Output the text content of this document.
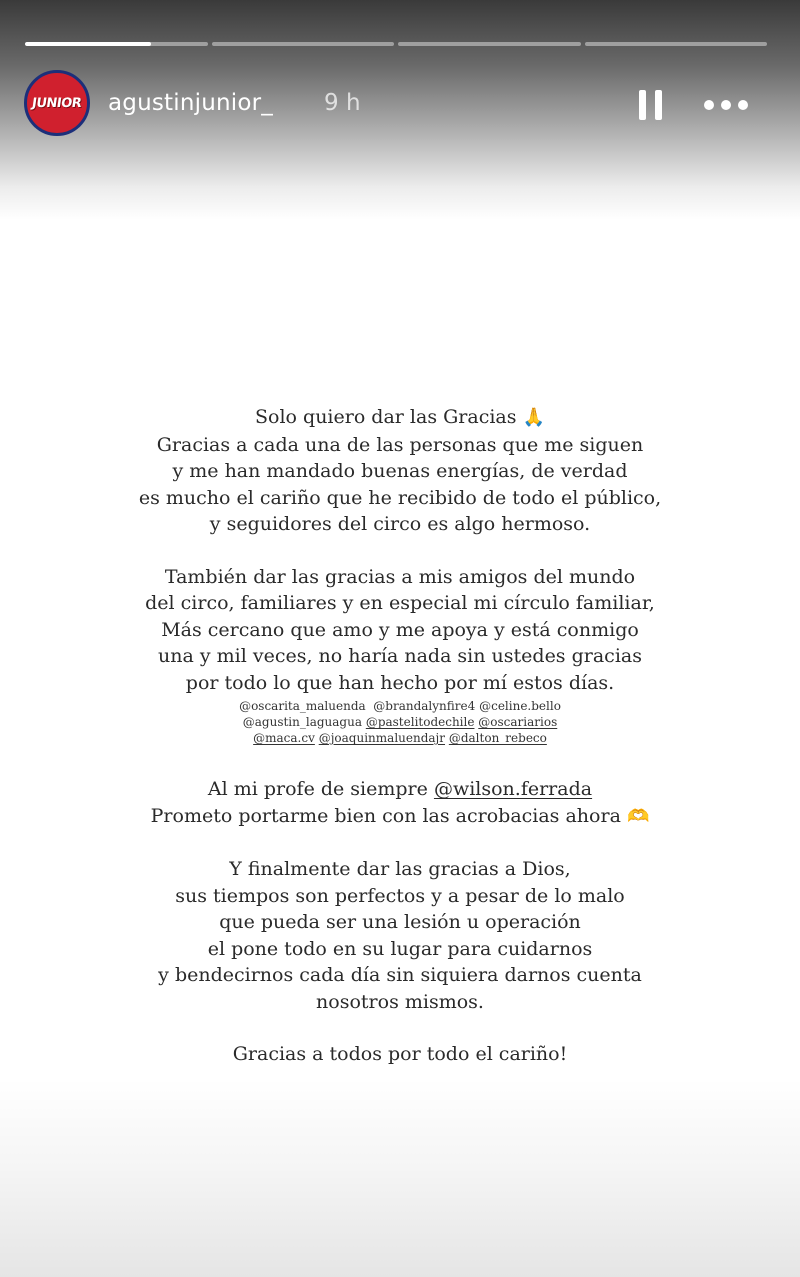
JUNIOR agustinjunior_ 9 h
Solo quiero dar las Gracias 🙏
Gracias a cada una de las personas que me siguen
y me han mandado buenas energías, de verdad
es mucho el cariño que he recibido de todo el público,
y seguidores del circo es algo hermoso.
También dar las gracias a mis amigos del mundo
del circo, familiares y en especial mi círculo familiar,
Más cercano que amo y me apoya y está conmigo
una y mil veces, no haría nada sin ustedes gracias
por todo lo que han hecho por mí estos días.
@oscarita_maluenda @brandalynfire4 @celine.bello
@agustin_laguagua @pastelitodechile @oscariarios
@maca.cv @joaquinmaluendajr @dalton_rebeco
Al mi profe de siempre @wilson.ferrada
Prometo portarme bien con las acrobacias ahora 🫶
Y finalmente dar las gracias a Dios,
sus tiempos son perfectos y a pesar de lo malo
que pueda ser una lesión u operación
el pone todo en su lugar para cuidarnos
y bendecirnos cada día sin siquiera darnos cuenta
nosotros mismos.
Gracias a todos por todo el cariño!
